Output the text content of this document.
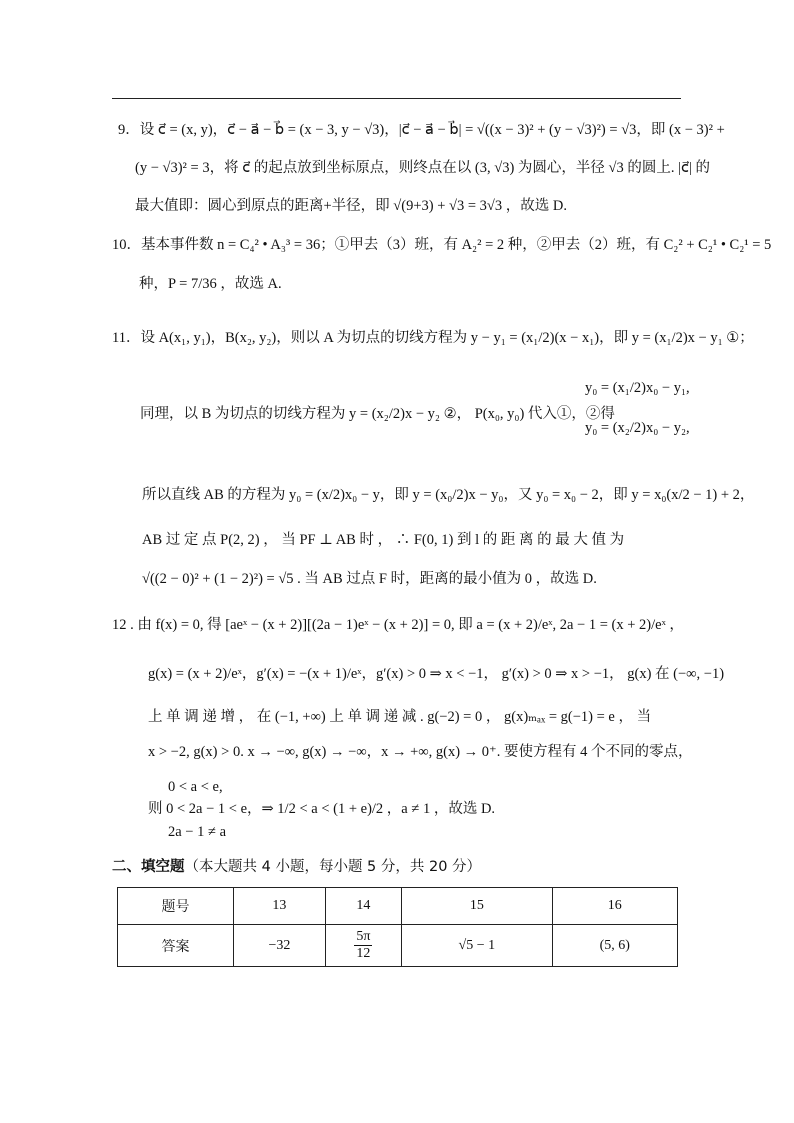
9．设 c⃗ = (x, y)，c⃗ − a⃗ − b⃗ = (x − 3, y − √3)，|c⃗ − a⃗ − b⃗| = √((x − 3)² + (y − √3)²) = √3，即 (x − 3)² +
(y − √3)² = 3，将 c⃗ 的起点放到坐标原点，则终点在以 (3, √3) 为圆心，半径 √3 的圆上. |c⃗| 的
最大值即：圆心到原点的距离+半径，即 √(9+3) + √3 = 3√3 ，故选 D.
10．基本事件数 n = C₄² • A₃³ = 36；①甲去（3）班，有 A₂² = 2 种，②甲去（2）班，有 C₂² + C₂¹ • C₂¹ = 5
种，P = 7/36 ，故选 A.
11．设 A(x₁, y₁)，B(x₂, y₂)，则以 A 为切点的切线方程为 y − y₁ = (x₁/2)(x − x₁)，即 y = (x₁/2)x − y₁ ①；
y₀ = (x₁/2)x₀ − y₁,
同理，以 B 为切点的切线方程为 y = (x₂/2)x − y₂ ②， P(x₀, y₀) 代入①，②得
y₀ = (x₂/2)x₀ − y₂,
所以直线 AB 的方程为 y₀ = (x/2)x₀ − y，即 y = (x₀/2)x − y₀，又 y₀ = x₀ − 2，即 y = x₀(x/2 − 1) + 2，
AB 过 定 点 P(2, 2) ， 当 PF ⊥ AB 时 ， ∴ F(0, 1) 到 l 的 距 离 的 最 大 值 为
√((2 − 0)² + (1 − 2)²) = √5 . 当 AB 过点 F 时，距离的最小值为 0 ，故选 D.
12 . 由 f(x) = 0, 得 [aeˣ − (x + 2)][(2a − 1)eˣ − (x + 2)] = 0, 即 a = (x + 2)/eˣ, 2a − 1 = (x + 2)/eˣ ，
g(x) = (x + 2)/eˣ，g′(x) = −(x + 1)/eˣ，g′(x) > 0 ⇒ x < −1， g′(x) > 0 ⇒ x > −1， g(x) 在 (−∞, −1)
上 单 调 递 增 ， 在 (−1, +∞) 上 单 调 递 减 . g(−2) = 0 ， g(x)ₘₐₓ = g(−1) = e ， 当
x > −2, g(x) > 0. x → −∞, g(x) → −∞，x → +∞, g(x) → 0⁺. 要使方程有 4 个不同的零点，
0 < a < e,
则 0 < 2a − 1 < e，⇒ 1/2 < a < (1 + e)/2 ，a ≠ 1 ，故选 D.
2a − 1 ≠ a
二、填空题（本大题共 4 小题，每小题 5 分，共 20 分）
题号	13	14	15	16
答案	−32	$\frac{5\pi}{12}$	√5 − 1	(5, 6)
